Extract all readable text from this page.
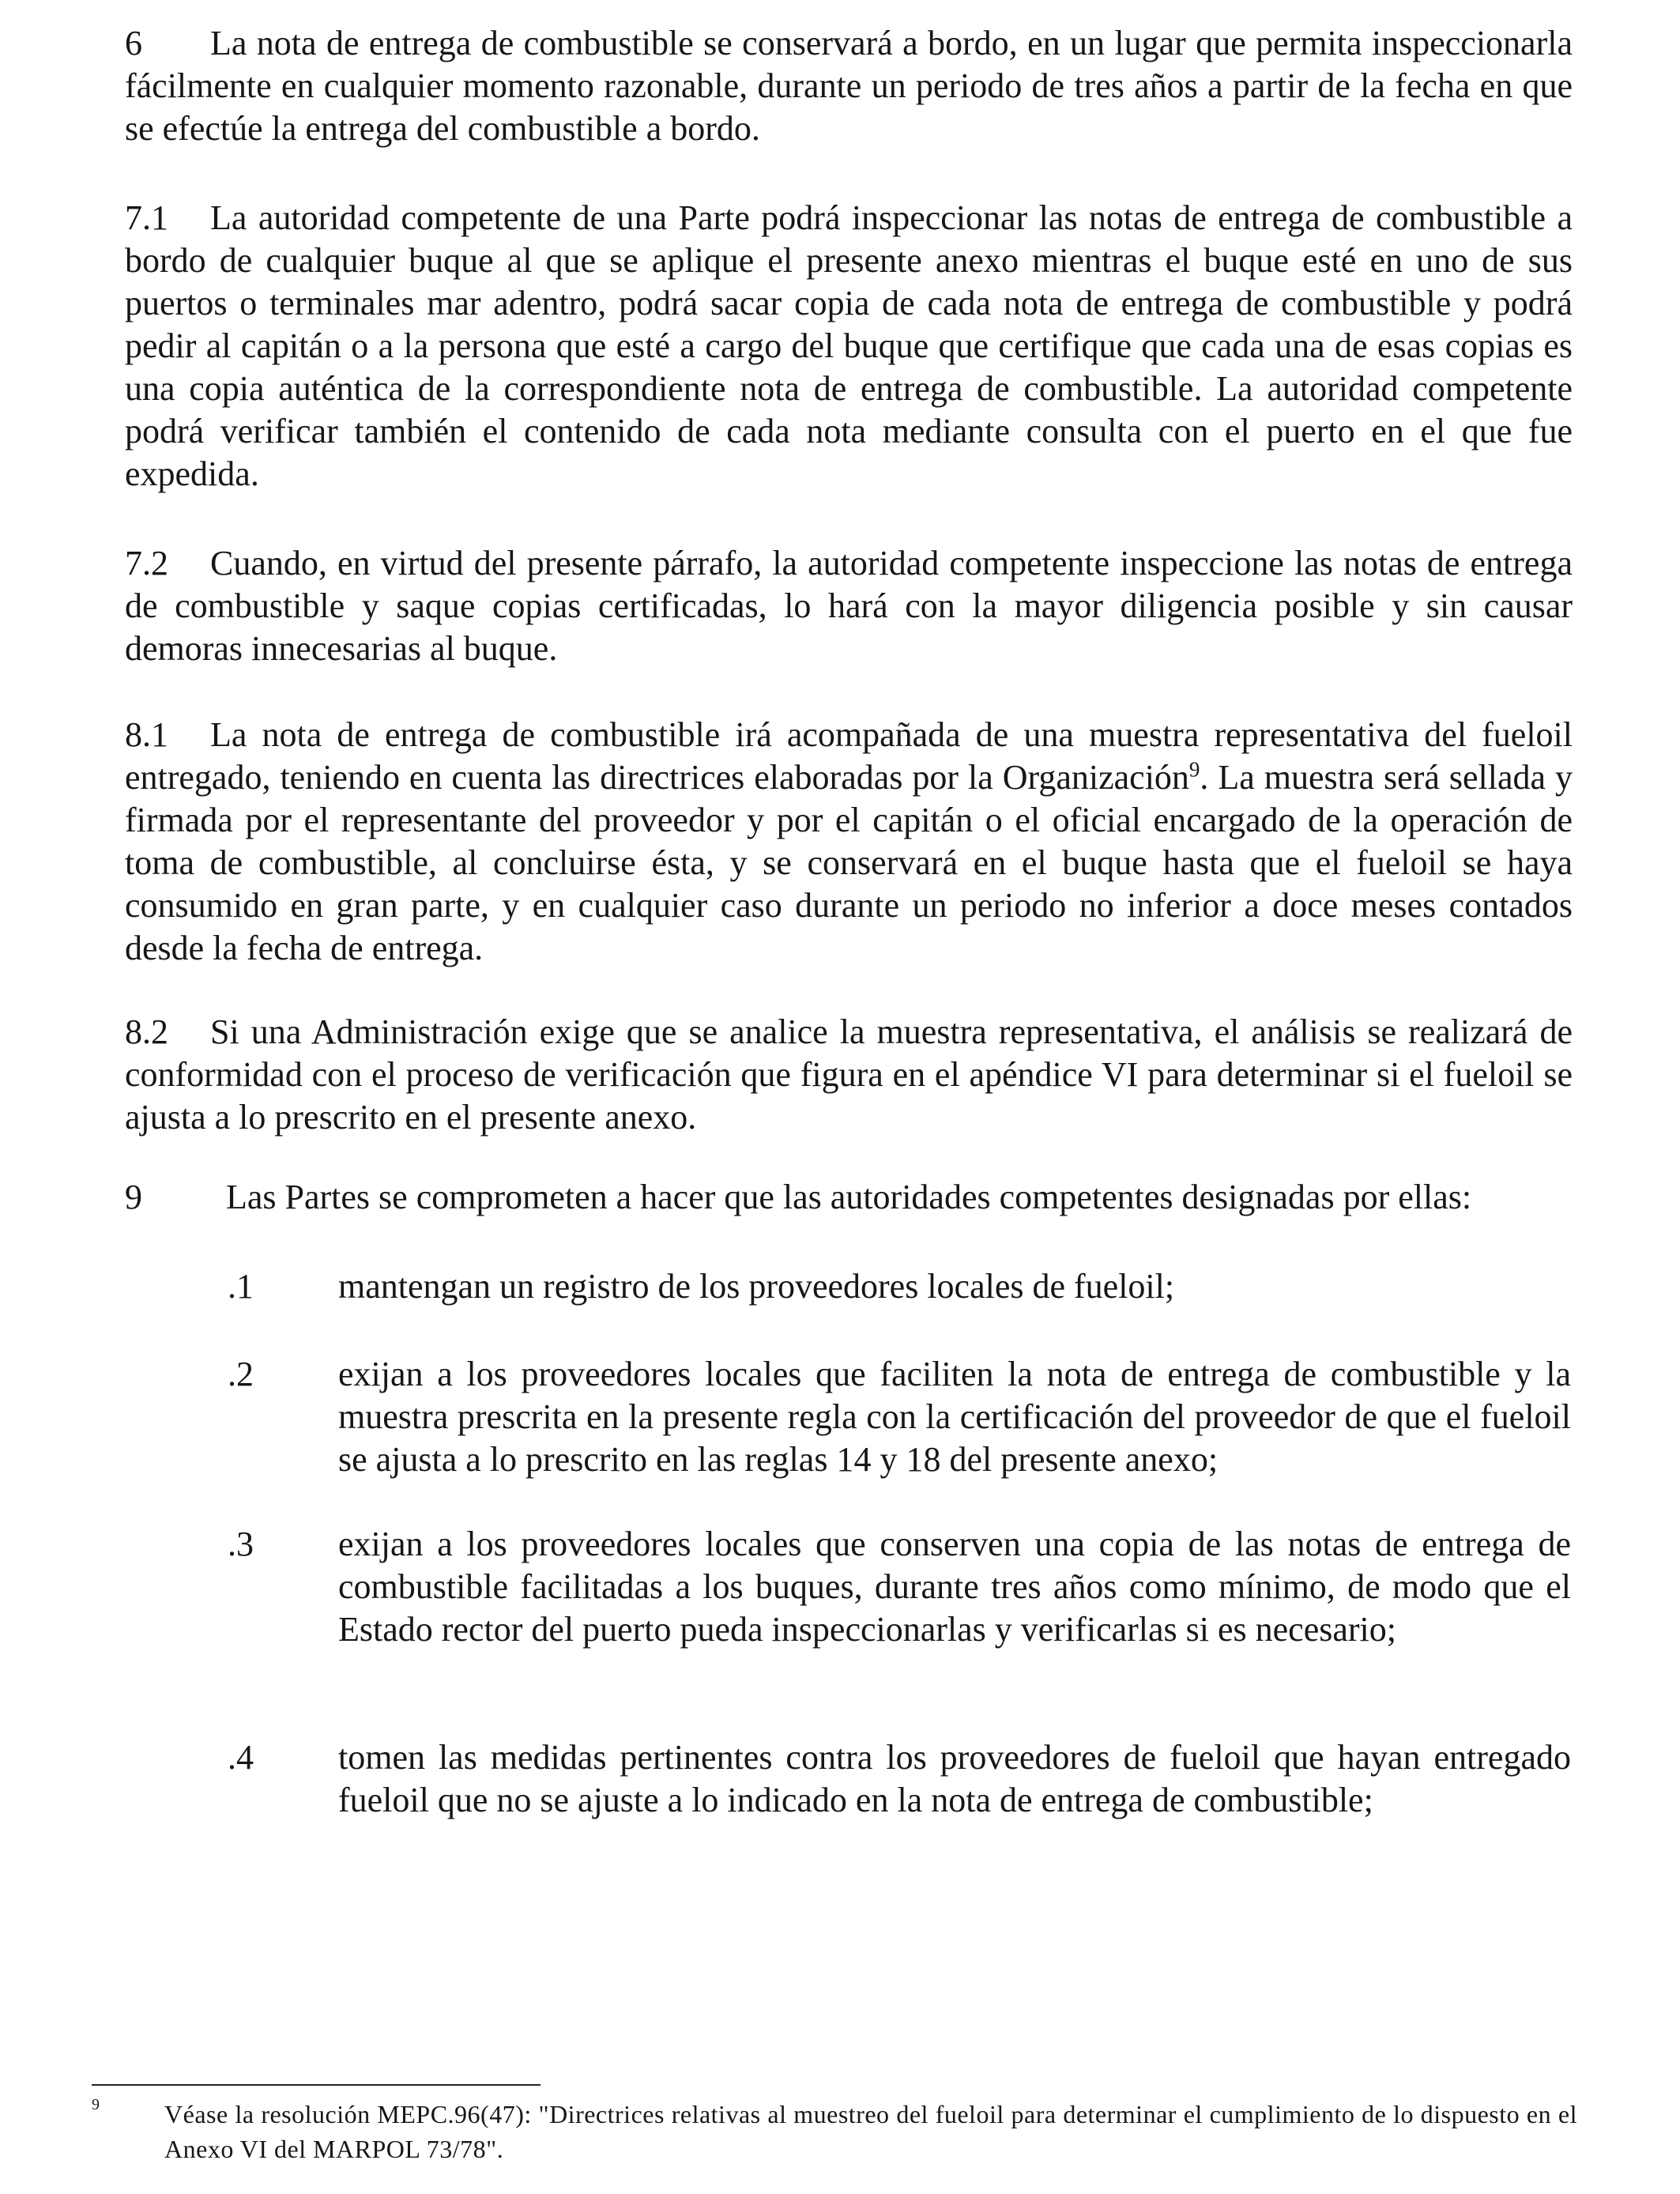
6 La nota de entrega de combustible se conservará a bordo, en un lugar que permita inspeccionarla fácilmente en cualquier momento razonable, durante un periodo de tres años a partir de la fecha en que se efectúe la entrega del combustible a bordo.

7.1 La autoridad competente de una Parte podrá inspeccionar las notas de entrega de combustible a bordo de cualquier buque al que se aplique el presente anexo mientras el buque esté en uno de sus puertos o terminales mar adentro, podrá sacar copia de cada nota de entrega de combustible y podrá pedir al capitán o a la persona que esté a cargo del buque que certifique que cada una de esas copias es una copia auténtica de la correspondiente nota de entrega de combustible. La autoridad competente podrá verificar también el contenido de cada nota mediante consulta con el puerto en el que fue expedida.

7.2 Cuando, en virtud del presente párrafo, la autoridad competente inspeccione las notas de entrega de combustible y saque copias certificadas, lo hará con la mayor diligencia posible y sin causar demoras innecesarias al buque.

8.1 La nota de entrega de combustible irá acompañada de una muestra representativa del fueloil entregado, teniendo en cuenta las directrices elaboradas por la Organización$^9$. La muestra será sellada y firmada por el representante del proveedor y por el capitán o el oficial encargado de la operación de toma de combustible, al concluirse ésta, y se conservará en el buque hasta que el fueloil se haya consumido en gran parte, y en cualquier caso durante un periodo no inferior a doce meses contados desde la fecha de entrega.

8.2 Si una Administración exige que se analice la muestra representativa, el análisis se realizará de conformidad con el proceso de verificación que figura en el apéndice VI para determinar si el fueloil se ajusta a lo prescrito en el presente anexo.

9 Las Partes se comprometen a hacer que las autoridades competentes designadas por ellas:

.1	mantengan un registro de los proveedores locales de fueloil;
.2	exijan a los proveedores locales que faciliten la nota de entrega de combustible y la muestra prescrita en la presente regla con la certificación del proveedor de que el fueloil se ajusta a lo prescrito en las reglas 14 y 18 del presente anexo;
.3	exijan a los proveedores locales que conserven una copia de las notas de entrega de combustible facilitadas a los buques, durante tres años como mínimo, de modo que el Estado rector del puerto pueda inspeccionarlas y verificarlas si es necesario;
.4	tomen las medidas pertinentes contra los proveedores de fueloil que hayan entregado fueloil que no se ajuste a lo indicado en la nota de entrega de combustible;
9	Véase la resolución MEPC.96(47): "Directrices relativas al muestreo del fueloil para determinar el cumplimiento de lo dispuesto en el Anexo VI del MARPOL 73/78".
